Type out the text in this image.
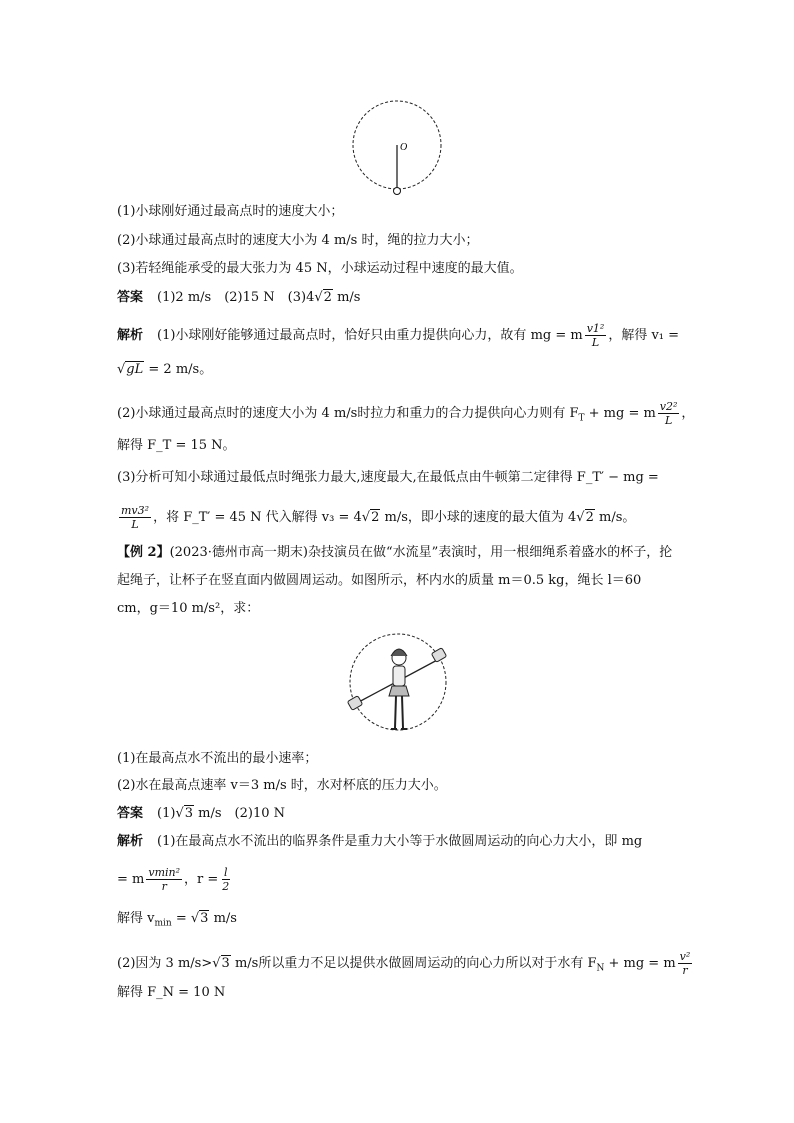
O
(1)小球刚好通过最高点时的速度大小；
(2)小球通过最高点时的速度大小为 4 m/s 时，绳的拉力大小；
(3)若轻绳能承受的最大张力为 45 N，小球运动过程中速度的最大值。
答案 (1)2 m/s　(2)15 N　(3)4√2 m/s
解析 (1)小球刚好能够通过最高点时，恰好只由重力提供向心力，故有 mg = m $\frac{\text{v1²}}{L}$ ，解得 v₁ =
√gL = 2 m/s。
(2)小球通过最高点时的速度大小为 4 m/s时拉力和重力的合力提供向心力则有 $F_T$ + mg = m $\frac{\text{v2²}}{L}$ ，
解得 F_T = 15 N。
(3)分析可知小球通过最低点时绳张力最大,速度最大,在最低点由牛顿第二定律得 F_T′ − mg =
$\frac{\text{mv3²}}{L}$ ，将 F_T′ = 45 N 代入解得 v₃ = 4√2 m/s，即小球的速度的最大值为 4√2 m/s。
【例 2】(2023·德州市高一期末)杂技演员在做“水流星”表演时，用一根细绳系着盛水的杯子，抡起绳子，让杯子在竖直面内做圆周运动。如图所示，杯内水的质量 m＝0.5 kg，绳长 l＝60 cm，g＝10 m/s²，求：
(1)在最高点水不流出的最小速率；
(2)水在最高点速率 v＝3 m/s 时，水对杯底的压力大小。
答案 (1)√3 m/s　(2)10 N
解析 (1)在最高点水不流出的临界条件是重力大小等于水做圆周运动的向心力大小，即 mg
= m $\frac{\text{vmin²}}{r}$ ，$r = \frac{l}{2}$
解得 $v_{min} = √3$ m/s
(2)因为 3 m/s>√3 m/s所以重力不足以提供水做圆周运动的向心力所以对于水有 $F_N$ + mg = m $\frac{\text{v²}}{r}$
解得 F_N = 10 N
